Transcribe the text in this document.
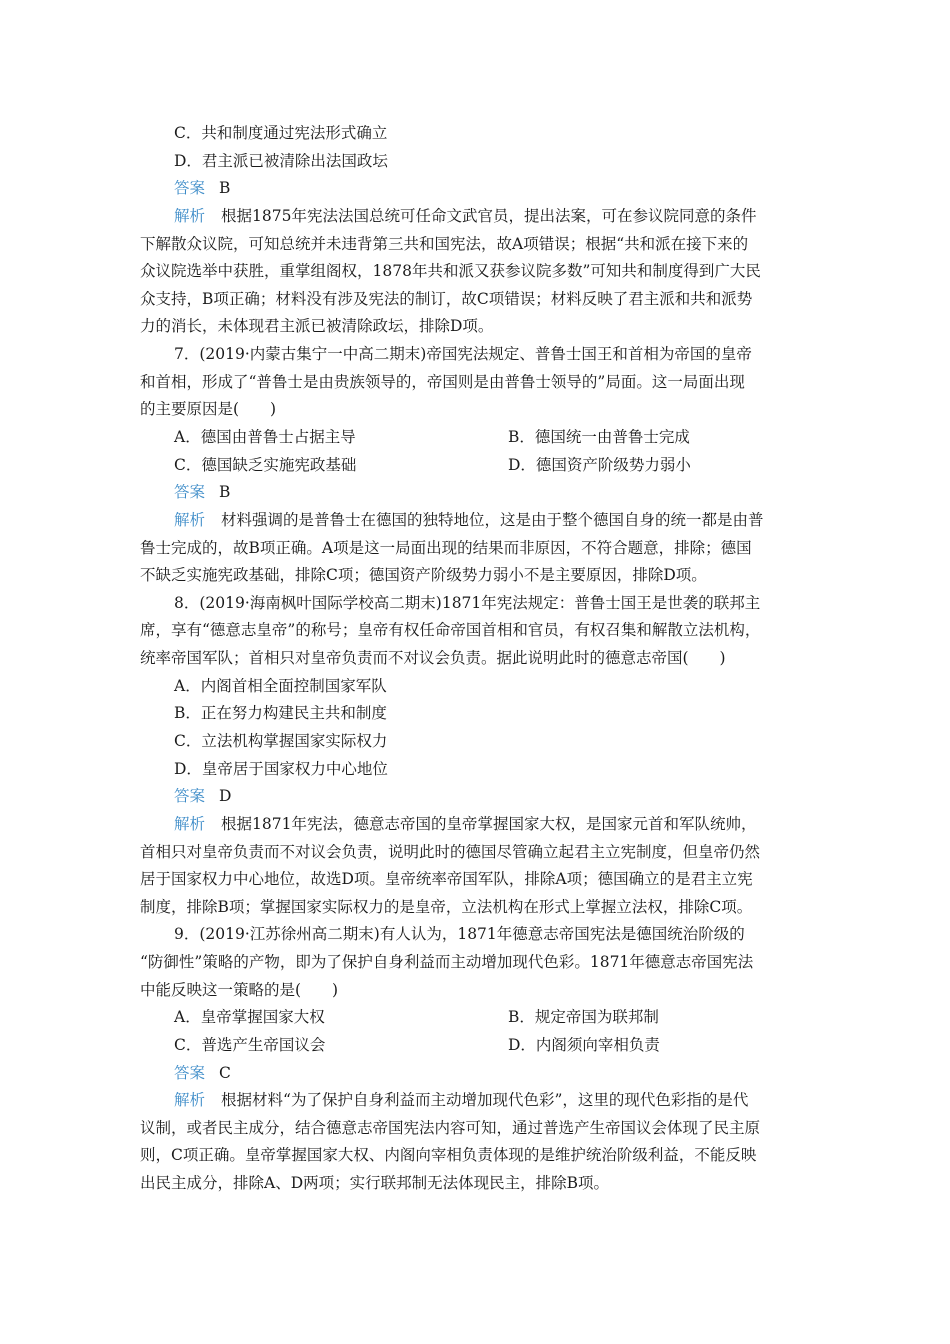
C．共和制度通过宪法形式确立
D．君主派已被清除出法国政坛
答案 B
解析 根据1875年宪法法国总统可任命文武官员，提出法案，可在参议院同意的条件
下解散众议院，可知总统并未违背第三共和国宪法，故A项错误；根据“共和派在接下来的
众议院选举中获胜，重掌组阁权，1878年共和派又获参议院多数”可知共和制度得到广大民
众支持，B项正确；材料没有涉及宪法的制订，故C项错误；材料反映了君主派和共和派势
力的消长，未体现君主派已被清除政坛，排除D项。
7．(2019·内蒙古集宁一中高二期末)帝国宪法规定、普鲁士国王和首相为帝国的皇帝
和首相，形成了“普鲁士是由贵族领导的，帝国则是由普鲁士领导的”局面。这一局面出现
的主要原因是(　　)
A．德国由普鲁士占据主导	B．德国统一由普鲁士完成
C．德国缺乏实施宪政基础	D．德国资产阶级势力弱小
答案 B
解析 材料强调的是普鲁士在德国的独特地位，这是由于整个德国自身的统一都是由普
鲁士完成的，故B项正确。A项是这一局面出现的结果而非原因，不符合题意，排除；德国
不缺乏实施宪政基础，排除C项；德国资产阶级势力弱小不是主要原因，排除D项。
8．(2019·海南枫叶国际学校高二期末)1871年宪法规定：普鲁士国王是世袭的联邦主
席，享有“德意志皇帝”的称号；皇帝有权任命帝国首相和官员，有权召集和解散立法机构，
统率帝国军队；首相只对皇帝负责而不对议会负责。据此说明此时的德意志帝国(　　)
A．内阁首相全面控制国家军队
B．正在努力构建民主共和制度
C．立法机构掌握国家实际权力
D．皇帝居于国家权力中心地位
答案 D
解析 根据1871年宪法，德意志帝国的皇帝掌握国家大权，是国家元首和军队统帅，
首相只对皇帝负责而不对议会负责，说明此时的德国尽管确立起君主立宪制度，但皇帝仍然
居于国家权力中心地位，故选D项。皇帝统率帝国军队，排除A项；德国确立的是君主立宪
制度，排除B项；掌握国家实际权力的是皇帝，立法机构在形式上掌握立法权，排除C项。
9．(2019·江苏徐州高二期末)有人认为，1871年德意志帝国宪法是德国统治阶级的
“防御性”策略的产物，即为了保护自身利益而主动增加现代色彩。1871年德意志帝国宪法
中能反映这一策略的是(　　)
A．皇帝掌握国家大权	B．规定帝国为联邦制
C．普选产生帝国议会	D．内阁须向宰相负责
答案 C
解析 根据材料“为了保护自身利益而主动增加现代色彩”，这里的现代色彩指的是代
议制，或者民主成分，结合德意志帝国宪法内容可知，通过普选产生帝国议会体现了民主原
则，C项正确。皇帝掌握国家大权、内阁向宰相负责体现的是维护统治阶级利益，不能反映
出民主成分，排除A、D两项；实行联邦制无法体现民主，排除B项。
